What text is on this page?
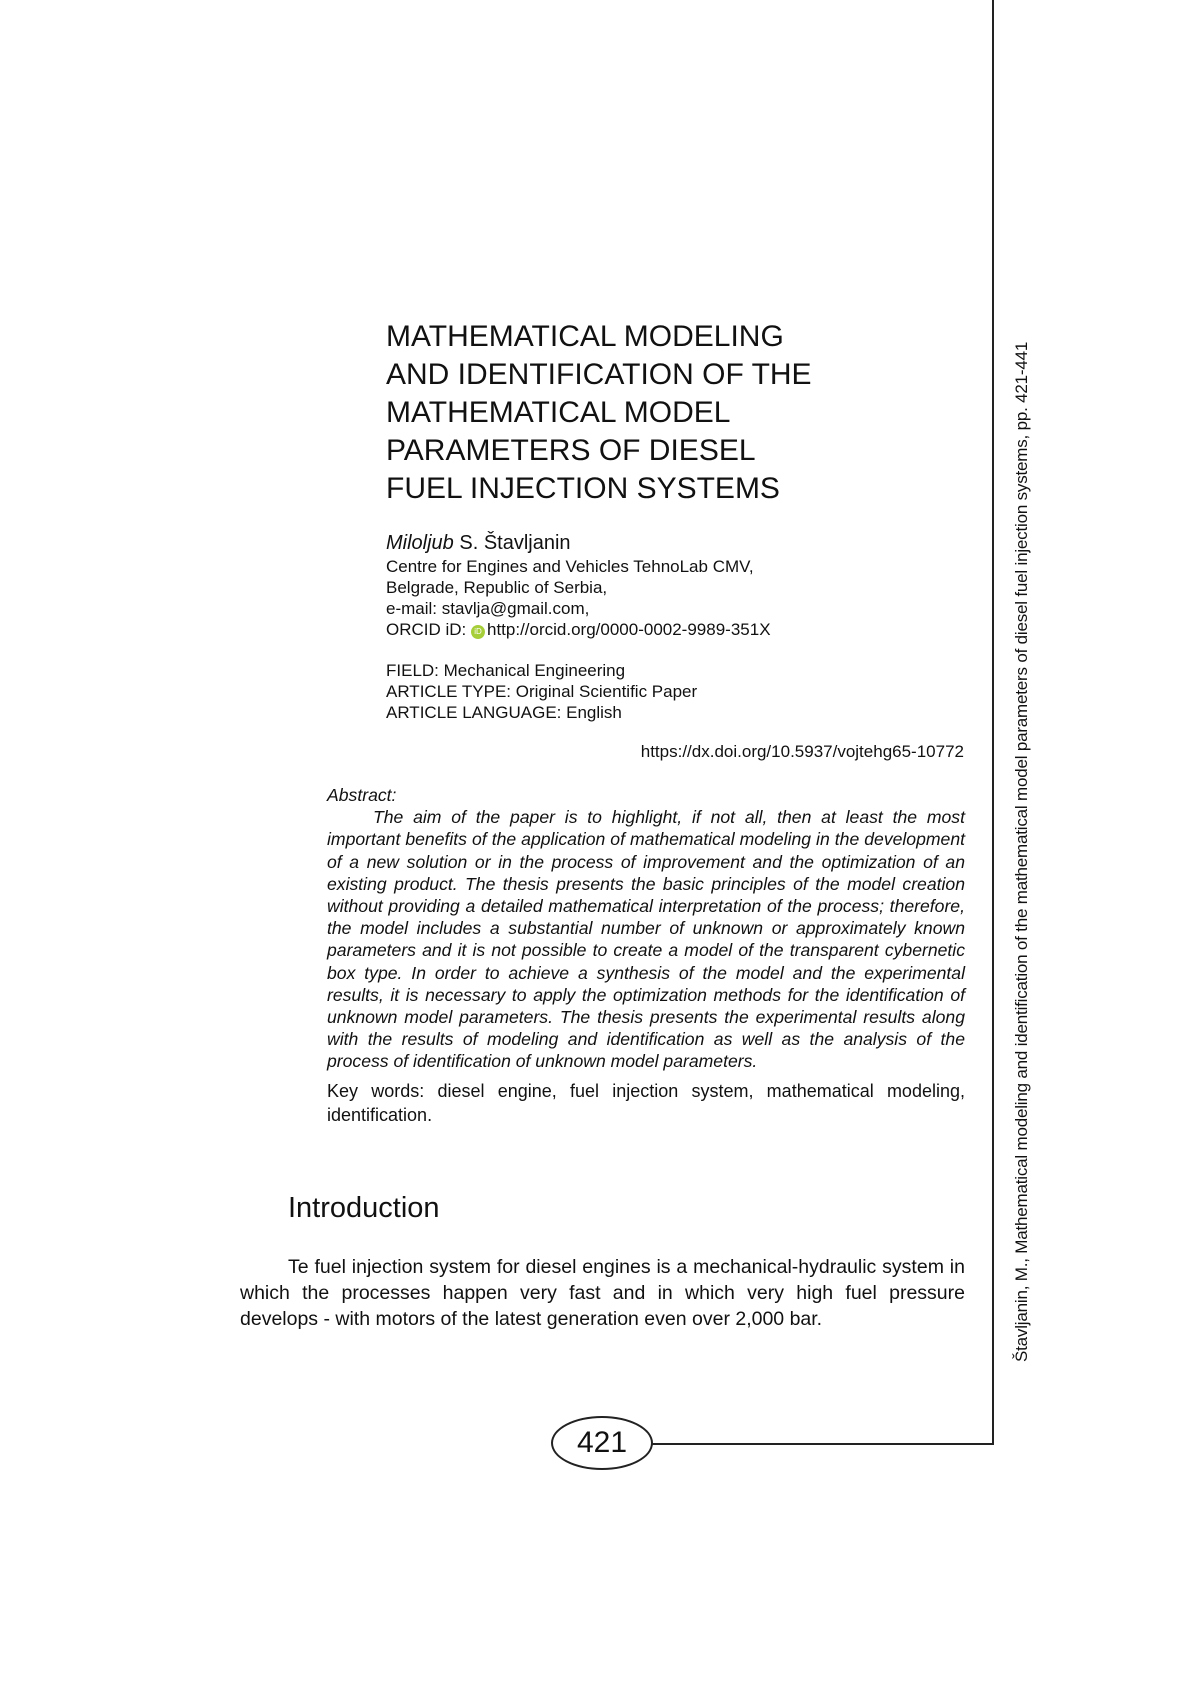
Štavljanin, M., Mathematical modeling and identification of the mathematical model parameters of diesel fuel injection systems, pp. 421-441
MATHEMATICAL MODELING
AND IDENTIFICATION OF THE
MATHEMATICAL MODEL
PARAMETERS OF DIESEL
FUEL INJECTION SYSTEMS
Miloljub S. Štavljanin
Centre for Engines and Vehicles TehnoLab CMV,
Belgrade, Republic of Serbia,
e-mail: stavlja@gmail.com,
ORCID iD: iD http://orcid.org/0000-0002-9989-351X
FIELD: Mechanical Engineering
ARTICLE TYPE: Original Scientific Paper
ARTICLE LANGUAGE: English
https://dx.doi.org/10.5937/vojtehg65-10772
Abstract:

The aim of the paper is to highlight, if not all, then at least the most important benefits of the application of mathematical modeling in the development of a new solution or in the process of improvement and the optimization of an existing product. The thesis presents the basic principles of the model creation without providing a detailed mathematical interpretation of the process; therefore, the model includes a substantial number of unknown or approximately known parameters and it is not possible to create a model of the transparent cybernetic box type. In order to achieve a synthesis of the model and the experimental results, it is necessary to apply the optimization methods for the identification of unknown model parameters. The thesis presents the experimental results along with the results of modeling and identification as well as the analysis of the process of identification of unknown model parameters.

Key words: diesel engine, fuel injection system, mathematical modeling, identification.
Introduction

Te fuel injection system for diesel engines is a mechanical-hydraulic system in which the processes happen very fast and in which very high fuel pressure develops - with motors of the latest generation even over 2,000 bar.

421
